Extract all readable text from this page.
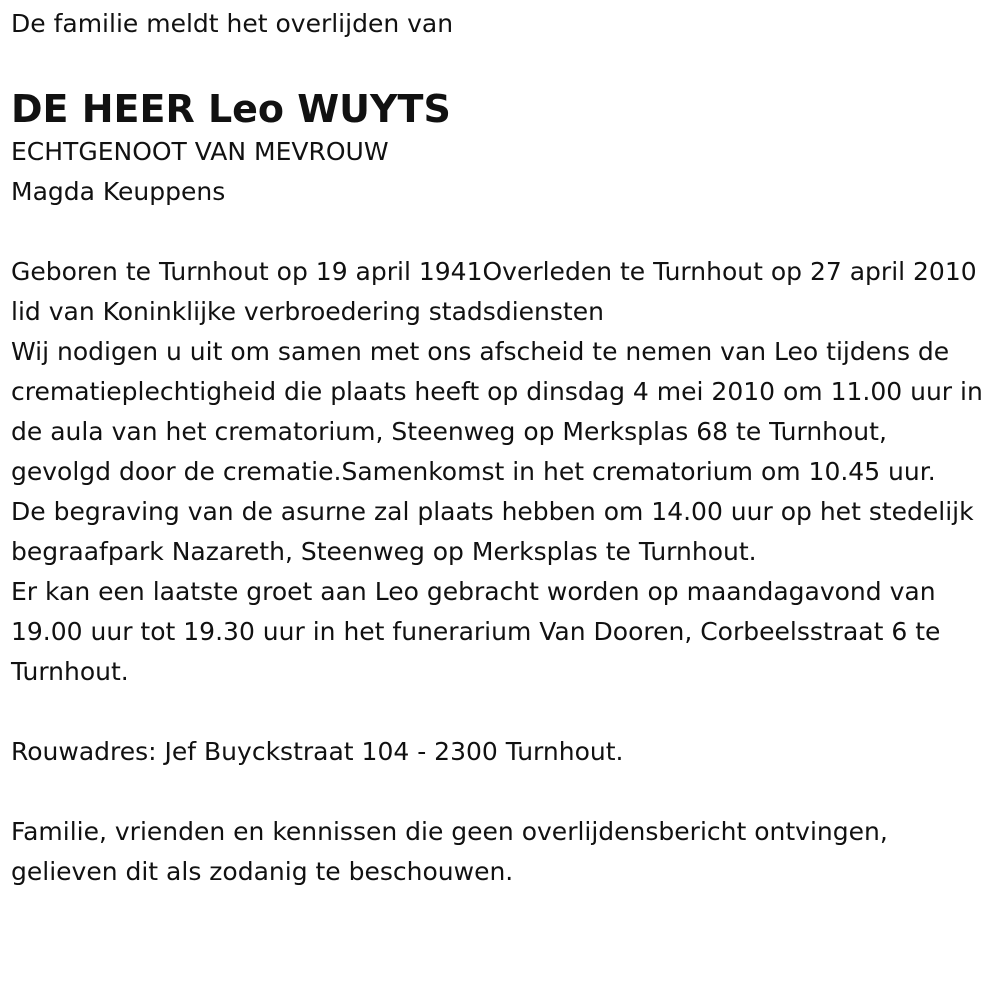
De familie meldt het overlijden van

DE HEER Leo WUYTS

ECHTGENOOT VAN MEVROUW

Magda Keuppens

Geboren te Turnhout op 19 april 1941Overleden te Turnhout op 27 april 2010

lid van Koninklijke verbroedering stadsdiensten

Wij nodigen u uit om samen met ons afscheid te nemen van Leo tijdens de crematieplechtigheid die plaats heeft op dinsdag 4 mei 2010 om 11.00 uur in de aula van het crematorium, Steenweg op Merksplas 68 te Turnhout, gevolgd door de crematie.Samenkomst in het crematorium om 10.45 uur.

De begraving van de asurne zal plaats hebben om 14.00 uur op het stedelijk begraafpark Nazareth, Steenweg op Merksplas te Turnhout.

Er kan een laatste groet aan Leo gebracht worden op maandagavond van 19.00 uur tot 19.30 uur in het funerarium Van Dooren, Corbeelsstraat 6 te Turnhout.

Rouwadres: Jef Buyckstraat 104 - 2300 Turnhout.

Familie, vrienden en kennissen die geen overlijdensbericht ontvingen, gelieven dit als zodanig te beschouwen.
